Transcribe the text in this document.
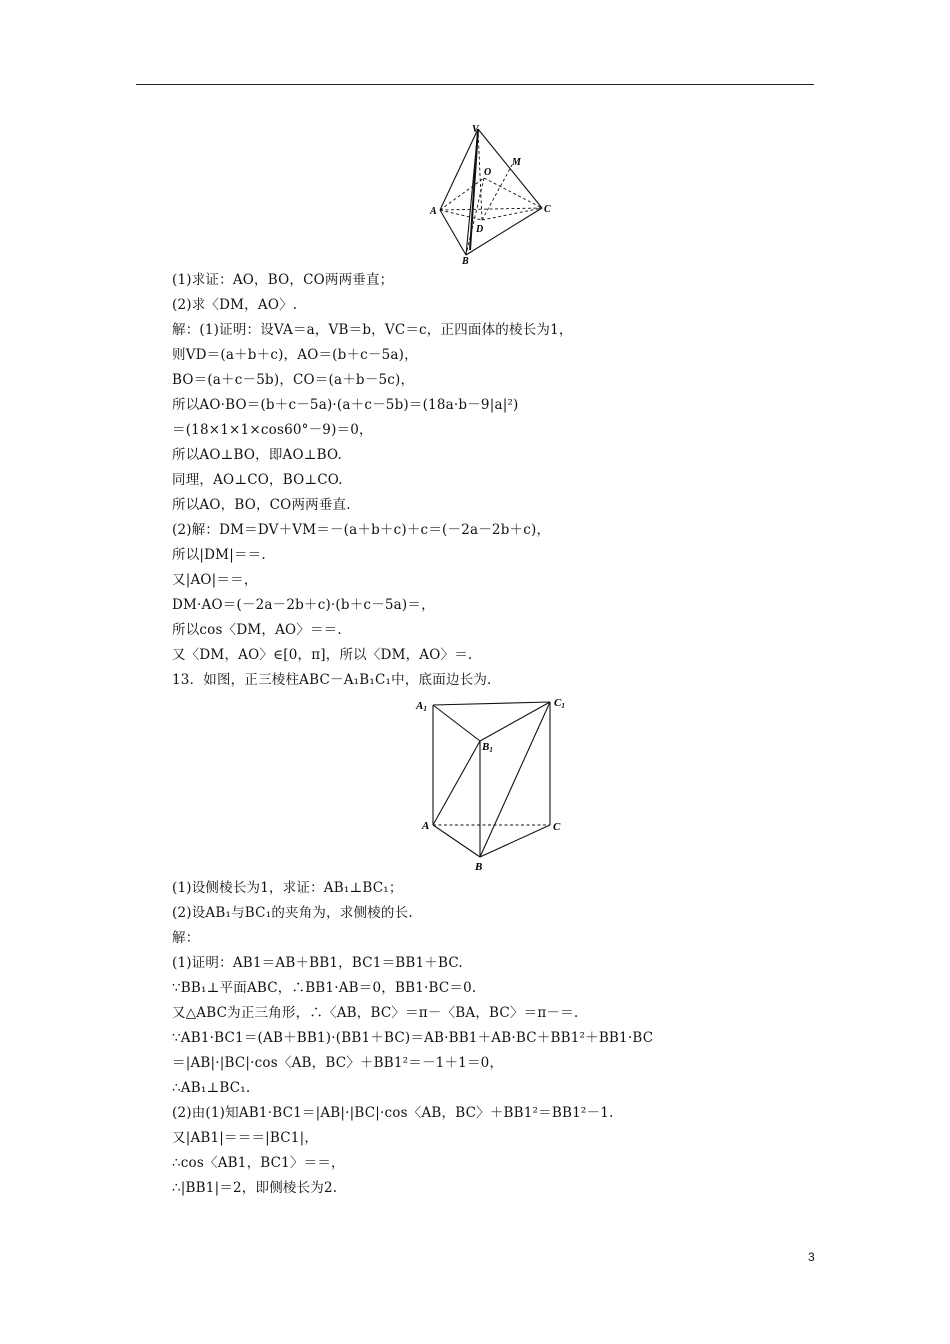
V
M
O
A	C
D
B
(1)求证：AO，BO，CO两两垂直；
(2)求〈DM，AO〉.
解：(1)证明：设VA＝a，VB＝b，VC＝c，正四面体的棱长为1，
则VD＝(a＋b＋c)，AO＝(b＋c－5a)，
BO＝(a＋c－5b)，CO＝(a＋b－5c)，
所以AO·BO＝(b＋c－5a)·(a＋c－5b)＝(18a·b－9|a|²)
＝(18×1×1×cos60°－9)＝0，
所以AO⊥BO，即AO⊥BO.
同理，AO⊥CO，BO⊥CO.
所以AO，BO，CO两两垂直.
(2)解：DM＝DV＋VM＝－(a＋b＋c)＋c＝(－2a－2b＋c)，
所以|DM|＝＝.
又|AO|＝＝，
DM·AO＝(－2a－2b＋c)·(b＋c－5a)＝，
所以cos〈DM，AO〉＝＝.
又〈DM，AO〉∈[0，π]，所以〈DM，AO〉＝.
13．如图，正三棱柱ABC－A₁B₁C₁中，底面边长为.
A1	C1
B1
A	C
B
(1)设侧棱长为1，求证：AB₁⊥BC₁；
(2)设AB₁与BC₁的夹角为，求侧棱的长.
解：
(1)证明：AB1＝AB＋BB1，BC1＝BB1＋BC.
∵BB₁⊥平面ABC，∴BB1·AB＝0，BB1·BC＝0.
又△ABC为正三角形，∴〈AB，BC〉＝π－〈BA，BC〉＝π－＝.
∵AB1·BC1＝(AB＋BB1)·(BB1＋BC)＝AB·BB1＋AB·BC＋BB1²＋BB1·BC
＝|AB|·|BC|·cos〈AB，BC〉＋BB1²＝－1＋1＝0，
∴AB₁⊥BC₁.
(2)由(1)知AB1·BC1＝|AB|·|BC|·cos〈AB，BC〉＋BB1²＝BB1²－1.
又|AB1|＝＝＝|BC1|，
∴cos〈AB1，BC1〉＝＝，
∴|BB1|＝2，即侧棱长为2.
3
